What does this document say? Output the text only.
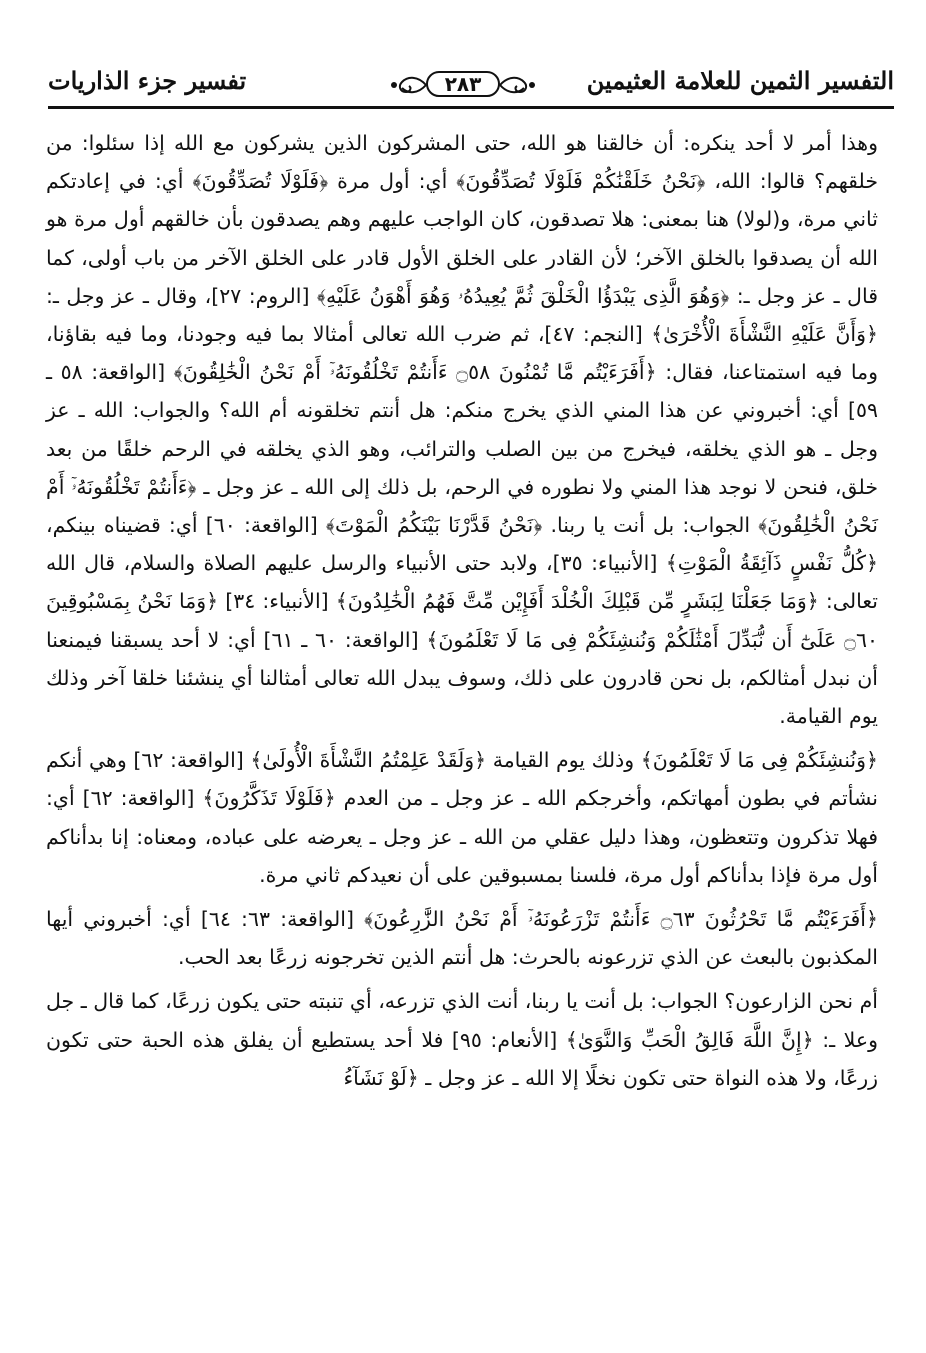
التفسير الثمين للعلامة العثيمين
٢٨٣
تفسير جزء الذاريات

وهذا أمر لا أحد ينكره: أن خالقنا هو الله، حتى المشركون الذين يشركون مع الله إذا سئلوا: من خلقهم؟ قالوا: الله، ﴿نَحْنُ خَلَقْنَٰكُمْ فَلَوْلَا تُصَدِّقُونَ﴾ أي: أول مرة ﴿فَلَوْلَا تُصَدِّقُونَ﴾ أي: في إعادتكم ثاني مرة، و(لولا) هنا بمعنى: هلا تصدقون، كان الواجب عليهم وهم يصدقون بأن خالقهم أول مرة هو الله أن يصدقوا بالخلق الآخر؛ لأن القادر على الخلق الأول قادر على الخلق الآخر من باب أولى، كما قال ـ عز وجل ـ: ﴿وَهُوَ الَّذِى يَبْدَؤُا الْخَلْقَ ثُمَّ يُعِيدُهُۥ وَهُوَ أَهْوَنُ عَلَيْهِ﴾ [الروم: ٢٧]، وقال ـ عز وجل ـ: ﴿وَأَنَّ عَلَيْهِ النَّشْأَةَ الْأُخْرَىٰ﴾ [النجم: ٤٧]، ثم ضرب الله تعالى أمثالا بما فيه وجودنا، وما فيه بقاؤنا، وما فيه استمتاعنا، فقال: ﴿أَفَرَءَيْتُم مَّا تُمْنُونَ ۝٥٨ ءَأَنتُمْ تَخْلُقُونَهُۥٓ أَمْ نَحْنُ الْخَٰلِقُونَ﴾ [الواقعة: ٥٨ ـ ٥٩] أي: أخبروني عن هذا المني الذي يخرج منكم: هل أنتم تخلقونه أم الله؟ والجواب: الله ـ عز وجل ـ هو الذي يخلقه، فيخرج من بين الصلب والترائب، وهو الذي يخلقه في الرحم خلقًا من بعد خلق، فنحن لا نوجد هذا المني ولا نطوره في الرحم، بل ذلك إلى الله ـ عز وجل ـ ﴿ءَأَنتُمْ تَخْلُقُونَهُۥٓ أَمْ نَحْنُ الْخَٰلِقُونَ﴾ الجواب: بل أنت يا ربنا. ﴿نَحْنُ قَدَّرْنَا بَيْنَكُمُ الْمَوْتَ﴾ [الواقعة: ٦٠] أي: قضيناه بينكم، ﴿كُلُّ نَفْسٍ ذَآئِقَةُ الْمَوْتِ﴾ [الأنبياء: ٣٥]، ولابد حتى الأنبياء والرسل عليهم الصلاة والسلام، قال الله تعالى: ﴿وَمَا جَعَلْنَا لِبَشَرٍ مِّن قَبْلِكَ الْخُلْدَ أَفَإِيْن مِّتَّ فَهُمُ الْخَٰلِدُونَ﴾ [الأنبياء: ٣٤] ﴿وَمَا نَحْنُ بِمَسْبُوقِينَ ۝٦٠ عَلَىٰٓ أَن نُّبَدِّلَ أَمْثَٰلَكُمْ وَنُنشِئَكُمْ فِى مَا لَا تَعْلَمُونَ﴾ [الواقعة: ٦٠ ـ ٦١] أي: لا أحد يسبقنا فيمنعنا أن نبدل أمثالكم، بل نحن قادرون على ذلك، وسوف يبدل الله تعالى أمثالنا أي ينشئنا خلقا آخر وذلك يوم القيامة.

﴿وَنُنشِئَكُمْ فِى مَا لَا تَعْلَمُونَ﴾ وذلك يوم القيامة ﴿وَلَقَدْ عَلِمْتُمُ النَّشْأَةَ الْأُولَىٰ﴾ [الواقعة: ٦٢] وهي أنكم نشأتم في بطون أمهاتكم، وأخرجكم الله ـ عز وجل ـ من العدم ﴿فَلَوْلَا تَذَكَّرُونَ﴾ [الواقعة: ٦٢] أي: فهلا تذكرون وتتعظون، وهذا دليل عقلي من الله ـ عز وجل ـ يعرضه على عباده، ومعناه: إنا بدأناكم أول مرة فإذا بدأناكم أول مرة، فلسنا بمسبوقين على أن نعيدكم ثاني مرة.

﴿أَفَرَءَيْتُم مَّا تَحْرُثُونَ ۝٦٣ ءَأَنتُمْ تَزْرَعُونَهُۥٓ أَمْ نَحْنُ الزَّٰرِعُونَ﴾ [الواقعة: ٦٣: ٦٤] أي: أخبروني أيها المكذبون بالبعث عن الذي تزرعونه بالحرث: هل أنتم الذين تخرجونه زرعًا بعد الحب.

أم نحن الزارعون؟ الجواب: بل أنت يا ربنا، أنت الذي تزرعه، أي تنبته حتى يكون زرعًا، كما قال ـ جل وعلا ـ: ﴿إِنَّ اللَّهَ فَالِقُ الْحَبِّ وَالنَّوَىٰ﴾ [الأنعام: ٩٥] فلا أحد يستطيع أن يفلق هذه الحبة حتى تكون زرعًا، ولا هذه النواة حتى تكون نخلًا إلا الله ـ عز وجل ـ ﴿لَوْ نَشَآءُ
